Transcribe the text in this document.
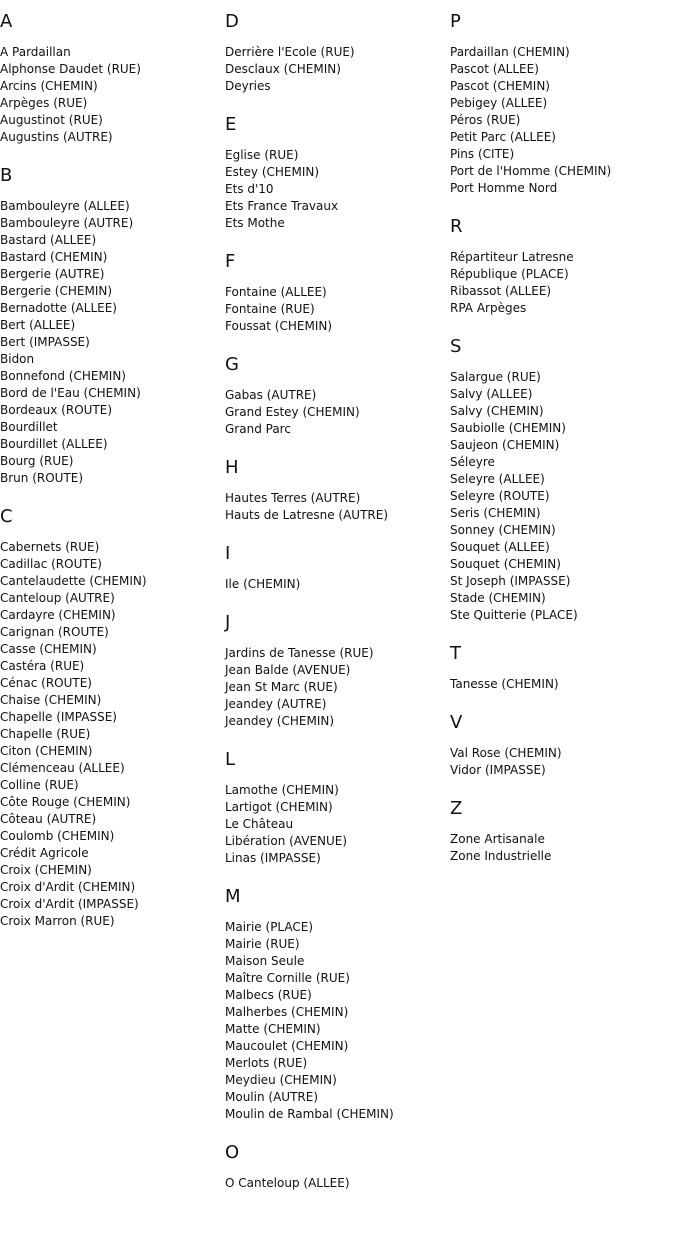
A
A Pardaillan
Alphonse Daudet (RUE)
Arcins (CHEMIN)
Arpèges (RUE)
Augustinot (RUE)
Augustins (AUTRE)
B
Bambouleyre (ALLEE)
Bambouleyre (AUTRE)
Bastard (ALLEE)
Bastard (CHEMIN)
Bergerie (AUTRE)
Bergerie (CHEMIN)
Bernadotte (ALLEE)
Bert (ALLEE)
Bert (IMPASSE)
Bidon
Bonnefond (CHEMIN)
Bord de l'Eau (CHEMIN)
Bordeaux (ROUTE)
Bourdillet
Bourdillet (ALLEE)
Bourg (RUE)
Brun (ROUTE)
C
Cabernets (RUE)
Cadillac (ROUTE)
Cantelaudette (CHEMIN)
Canteloup (AUTRE)
Cardayre (CHEMIN)
Carignan (ROUTE)
Casse (CHEMIN)
Castéra (RUE)
Cénac (ROUTE)
Chaise (CHEMIN)
Chapelle (IMPASSE)
Chapelle (RUE)
Citon (CHEMIN)
Clémenceau (ALLEE)
Colline (RUE)
Côte Rouge (CHEMIN)
Côteau (AUTRE)
Coulomb (CHEMIN)
Crédit Agricole
Croix (CHEMIN)
Croix d'Ardit (CHEMIN)
Croix d'Ardit (IMPASSE)
Croix Marron (RUE)
D
Derrière l'Ecole (RUE)
Desclaux (CHEMIN)
Deyries
E
Eglise (RUE)
Estey (CHEMIN)
Ets d'10
Ets France Travaux
Ets Mothe
F
Fontaine (ALLEE)
Fontaine (RUE)
Foussat (CHEMIN)
G
Gabas (AUTRE)
Grand Estey (CHEMIN)
Grand Parc
H
Hautes Terres (AUTRE)
Hauts de Latresne (AUTRE)
I
Ile (CHEMIN)
J
Jardins de Tanesse (RUE)
Jean Balde (AVENUE)
Jean St Marc (RUE)
Jeandey (AUTRE)
Jeandey (CHEMIN)
L
Lamothe (CHEMIN)
Lartigot (CHEMIN)
Le Château
Libération (AVENUE)
Linas (IMPASSE)
M
Mairie (PLACE)
Mairie (RUE)
Maison Seule
Maître Cornille (RUE)
Malbecs (RUE)
Malherbes (CHEMIN)
Matte (CHEMIN)
Maucoulet (CHEMIN)
Merlots (RUE)
Meydieu (CHEMIN)
Moulin (AUTRE)
Moulin de Rambal (CHEMIN)
O
O Canteloup (ALLEE)
P
Pardaillan (CHEMIN)
Pascot (ALLEE)
Pascot (CHEMIN)
Pebigey (ALLEE)
Péros (RUE)
Petit Parc (ALLEE)
Pins (CITE)
Port de l'Homme (CHEMIN)
Port Homme Nord
R
Répartiteur Latresne
République (PLACE)
Ribassot (ALLEE)
RPA Arpèges
S
Salargue (RUE)
Salvy (ALLEE)
Salvy (CHEMIN)
Saubiolle (CHEMIN)
Saujeon (CHEMIN)
Séleyre
Seleyre (ALLEE)
Seleyre (ROUTE)
Seris (CHEMIN)
Sonney (CHEMIN)
Souquet (ALLEE)
Souquet (CHEMIN)
St Joseph (IMPASSE)
Stade (CHEMIN)
Ste Quitterie (PLACE)
T
Tanesse (CHEMIN)
V
Val Rose (CHEMIN)
Vidor (IMPASSE)
Z
Zone Artisanale
Zone Industrielle
